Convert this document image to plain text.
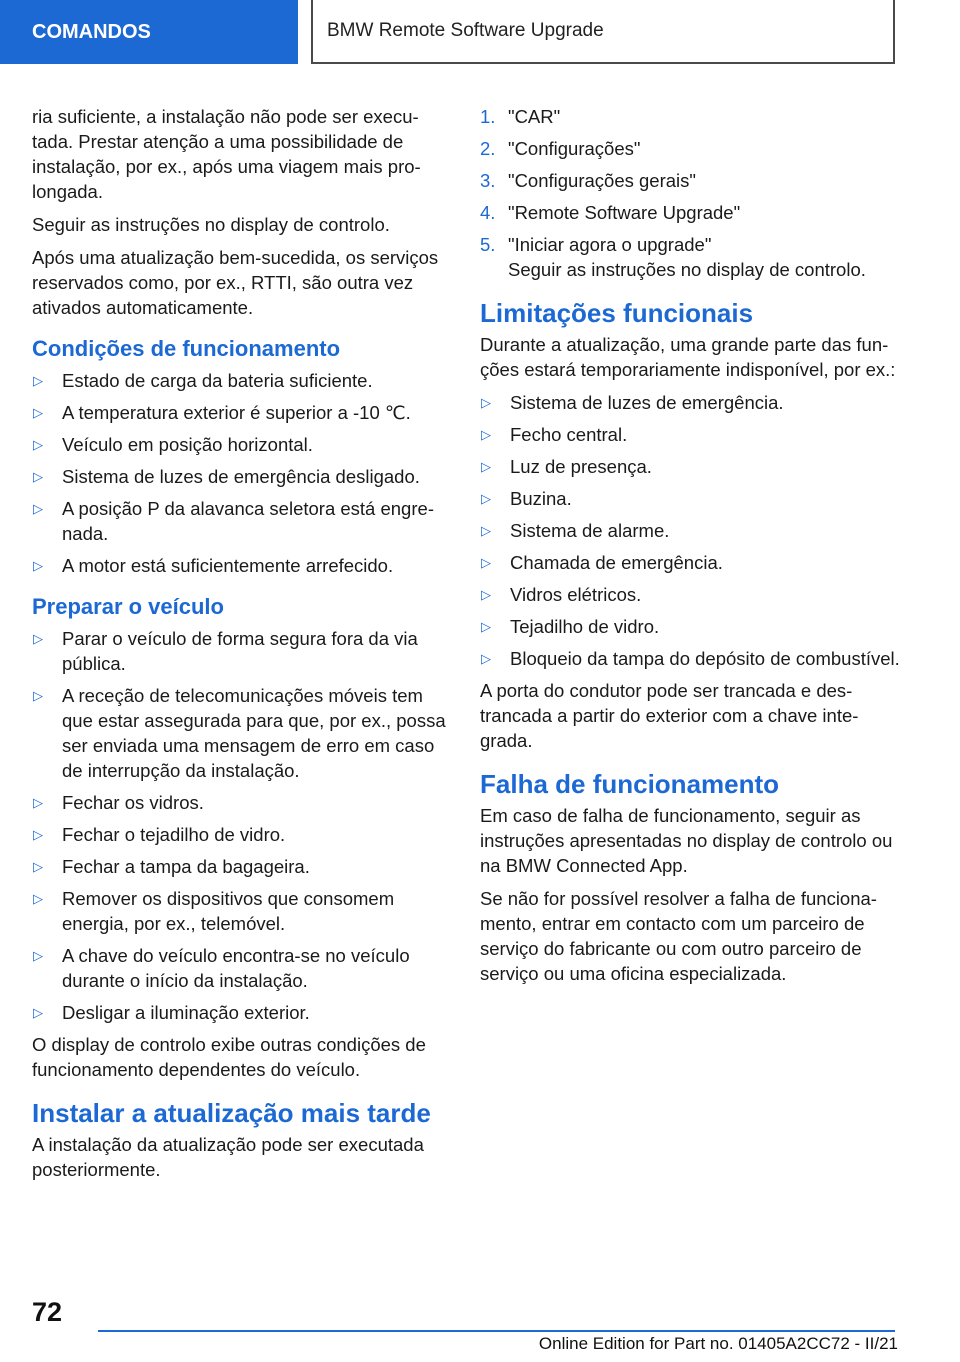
COMANDOS	BMW Remote Software Upgrade

ria suficiente, a instalação não pode ser executada. Prestar atenção a uma possibilidade de instalação, por ex., após uma viagem mais prolongada.

Seguir as instruções no display de controlo.

Após uma atualização bem-sucedida, os serviços reservados como, por ex., RTTI, são outra vez ativados automaticamente.

Condições de funcionamento
▷	Estado de carga da bateria suficiente.
▷	A temperatura exterior é superior a -10 ℃.
▷	Veículo em posição horizontal.
▷	Sistema de luzes de emergência desligado.
▷	A posição P da alavanca seletora está engrenada.
▷	A motor está suficientemente arrefecido.
Preparar o veículo
▷	Parar o veículo de forma segura fora da via pública.
▷	A receção de telecomunicações móveis tem que estar assegurada para que, por ex., possa ser enviada uma mensagem de erro em caso de interrupção da instalação.
▷	Fechar os vidros.
▷	Fechar o tejadilho de vidro.
▷	Fechar a tampa da bagageira.
▷	Remover os dispositivos que consomem energia, por ex., telemóvel.
▷	A chave do veículo encontra-se no veículo durante o início da instalação.
▷	Desligar a iluminação exterior.

O display de controlo exibe outras condições de funcionamento dependentes do veículo.

Instalar a atualização mais tarde

A instalação da atualização pode ser executada posteriormente.

1. "CAR"
2. "Configurações"
3. "Configurações gerais"
4. "Remote Software Upgrade"
5. "Iniciar agora o upgrade"

Seguir as instruções no display de controlo.

Limitações funcionais

Durante a atualização, uma grande parte das funções estará temporariamente indisponível, por ex.:

▷	Sistema de luzes de emergência.
▷	Fecho central.
▷	Luz de presença.
▷	Buzina.
▷	Sistema de alarme.
▷	Chamada de emergência.
▷	Vidros elétricos.
▷	Tejadilho de vidro.
▷	Bloqueio da tampa do depósito de combustível.

A porta do condutor pode ser trancada e destrancada a partir do exterior com a chave integrada.

Falha de funcionamento

Em caso de falha de funcionamento, seguir as instruções apresentadas no display de controlo ou na BMW Connected App.

Se não for possível resolver a falha de funcionamento, entrar em contacto com um parceiro de serviço do fabricante ou com outro parceiro de serviço ou uma oficina especializada.

72
Online Edition for Part no. 01405A2CC72 - II/21
